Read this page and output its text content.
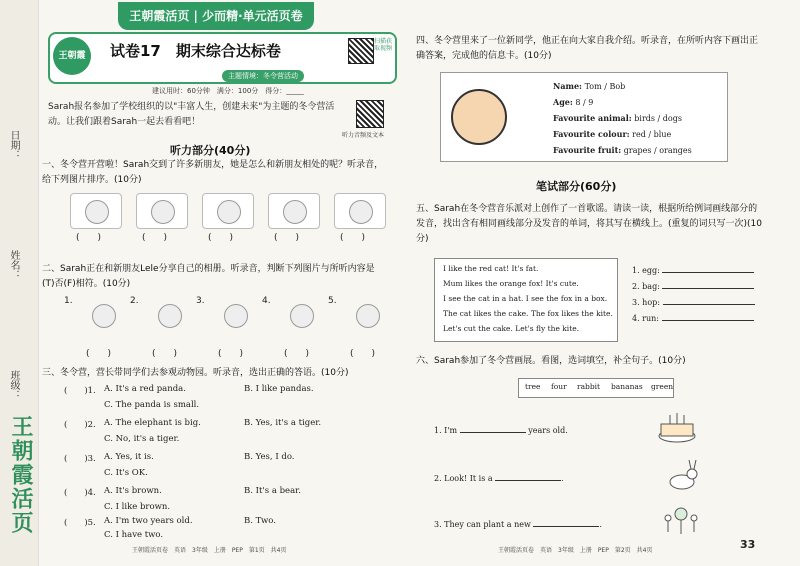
日期：
姓名：
班级：
王朝霞活页
王朝霞活页 | 少而精·单元活页卷
王朝霞	试卷17　期末综合达标卷
扫描获取视频
主题情境：冬令营活动
建议用时：60分钟　满分：100分　得分：_____
Sarah报名参加了学校组织的以"丰富人生，创建未来"为主题的冬令营活动。让我们跟着Sarah一起去看看吧！
听力音频及文本
听力部分(40分)
一、冬令营开营啦！Sarah交到了许多新朋友，她是怎么和新朋友相处的呢？听录音，给下列图片排序。(10分)
(　　)	(　　)	(　　)	(　　)	(　　)
二、Sarah正在和新朋友Lele分享自己的相册。听录音，判断下列图片与所听内容是(T)否(F)相符。(10分)
1.	2.	3.	4.	5.
(　　)	(　　)	(　　)	(　　)	(　　)
三、冬令营，营长带同学们去参观动物园。听录音，选出正确的答语。(10分)
(　　)1. A. It's a red panda.	B. I like pandas.
C. The panda is small.
(　　)2. A. The elephant is big.	B. Yes, it's a tiger.
C. No, it's a tiger.
(　　)3. A. Yes, it is.	B. Yes, I do.
C. It's OK.
(　　)4. A. It's brown.	B. It's a bear.
C. I like brown.
(　　)5. A. I'm two years old.	B. Two.
C. I have two.
王朝霞活页卷　英语　3年级　上册　PEP　第1页　共4页
四、冬令营里来了一位新同学，他正在向大家自我介绍。听录音，在所听内容下画出正确答案，完成他的信息卡。(10分)
Name: Tom / Bob
Age: 8 / 9
Favourite animal: birds / dogs
Favourite colour: red / blue
Favourite fruit: grapes / oranges
笔试部分(60分)
五、Sarah在冬令营音乐派对上创作了一首歌谣。请读一读，根据所给例词画线部分的发音，找出含有相同画线部分及发音的单词，将其写在横线上。(重复的词只写一次)(10分)
I like the red cat! It's fat.
Mum likes the orange fox! It's cute.
I see the cat in a hat. I see the fox in a box.
The cat likes the cake. The fox likes the kite.
Let's cut the cake. Let's fly the kite.
1. egg:
2. bag:
3. hop:
4. run:
六、Sarah参加了冬令营画展。看图，选词填空，补全句子。(10分)
tree four rabbit bananas green
1. I'm	years old.
2. Look! It is a	.
3. They can plant a new	.
王朝霞活页卷　英语　3年级　上册　PEP　第2页　共4页	33
